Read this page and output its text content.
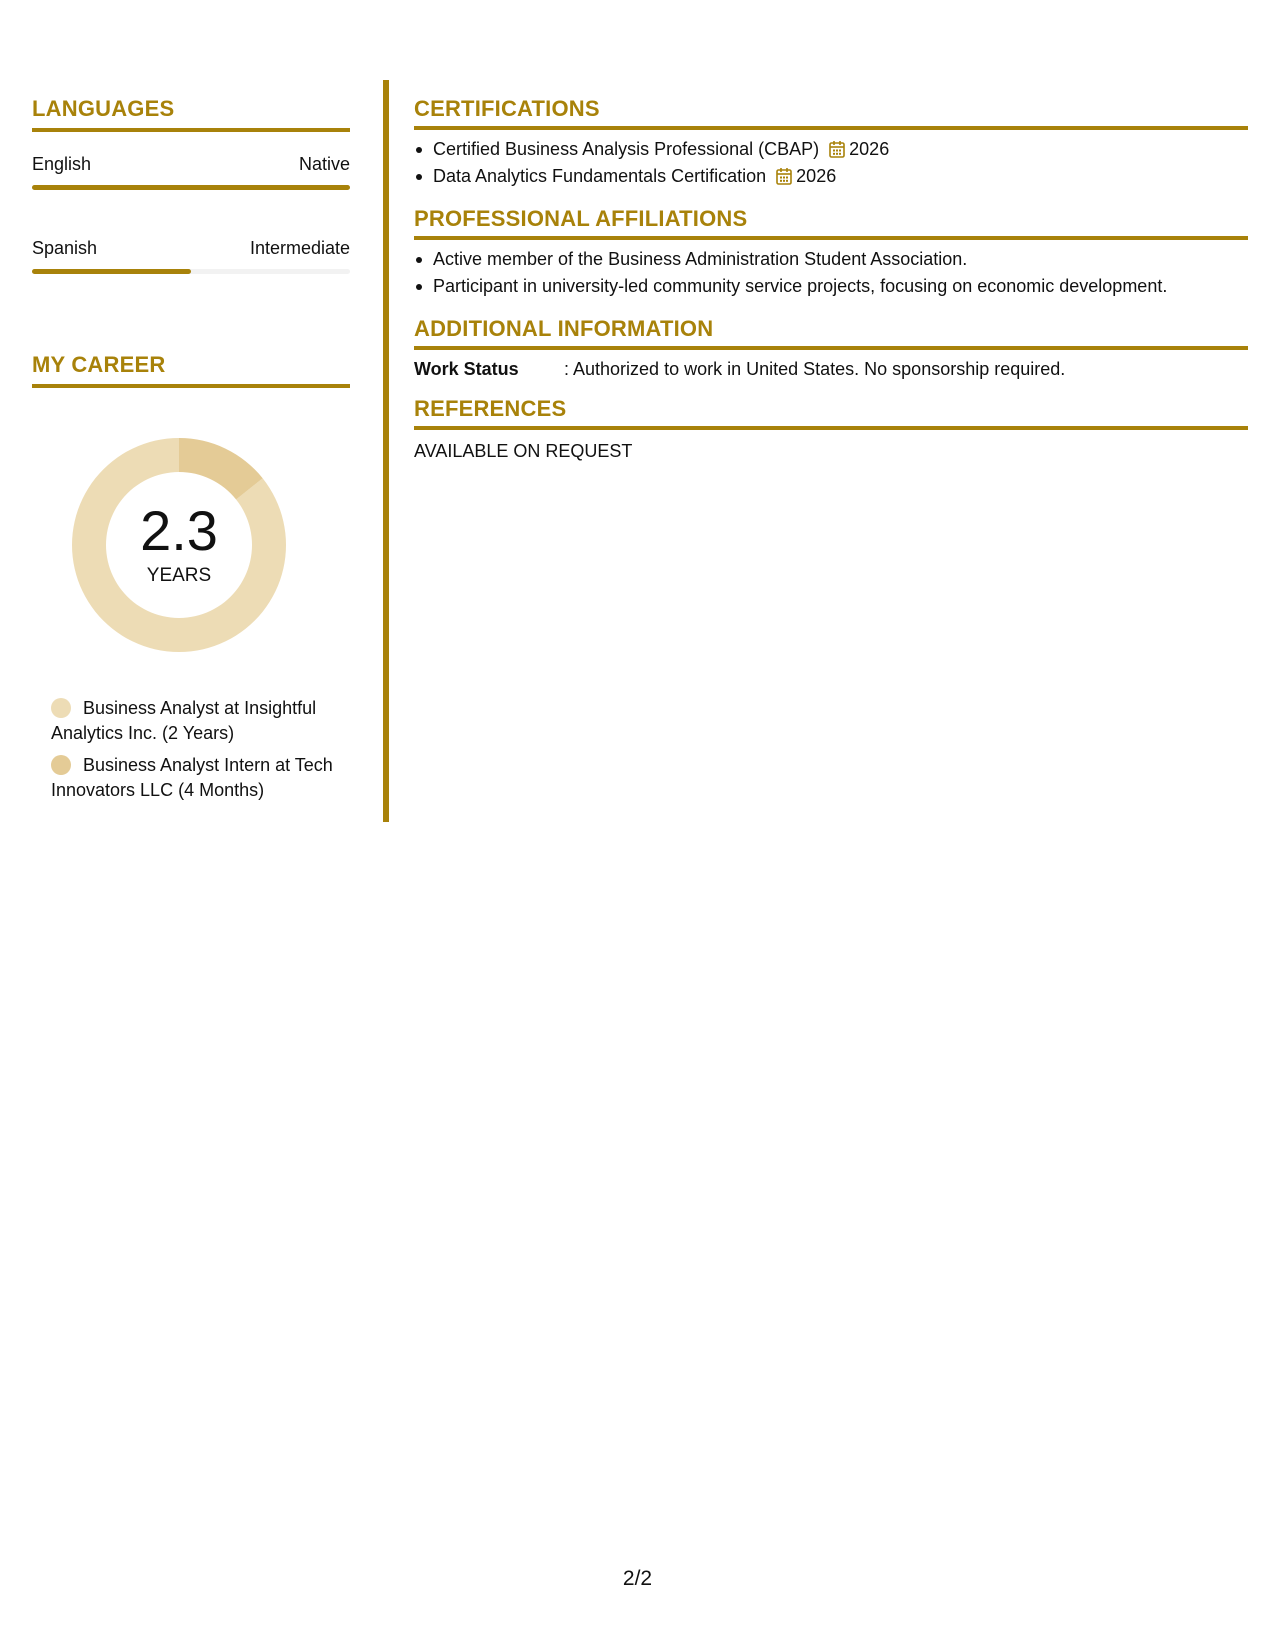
LANGUAGES
English	Native
Spanish	Intermediate
MY CAREER
2.3
YEARS
Business Analyst at Insightful Analytics Inc. (2 Years)
Business Analyst Intern at Tech Innovators LLC (4 Months)
CERTIFICATIONS
Certified Business Analysis Professional (CBAP) 2026
Data Analytics Fundamentals Certification 2026
PROFESSIONAL AFFILIATIONS
Active member of the Business Administration Student Association.
Participant in university-led community service projects, focusing on economic development.
ADDITIONAL INFORMATION
Work Status	: Authorized to work in United States. No sponsorship required.
REFERENCES
AVAILABLE ON REQUEST
2/2
